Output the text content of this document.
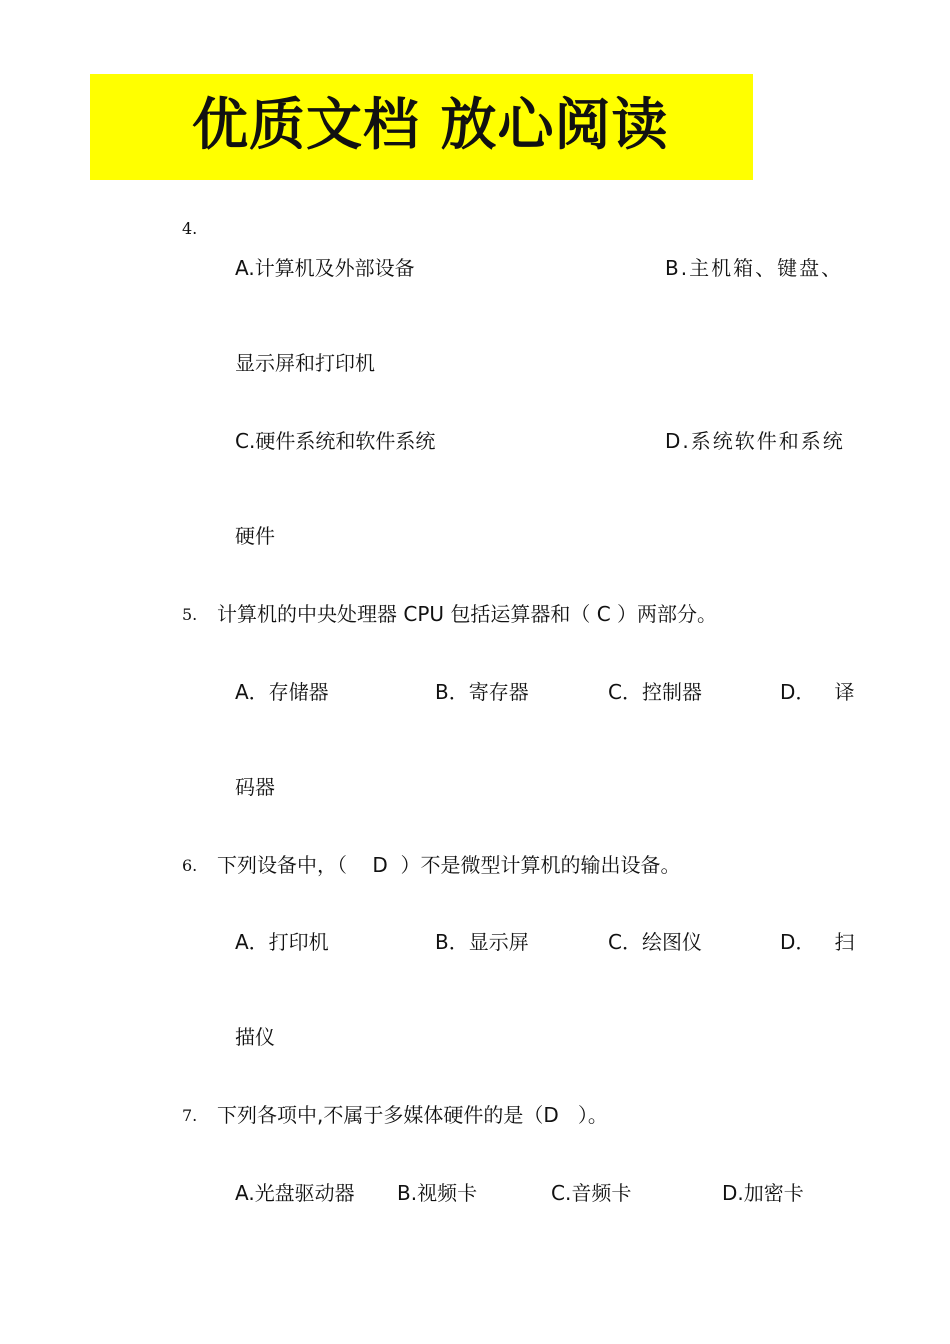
优质文档 放心阅读
4.
A.计算机及外部设备	B.主机箱、键盘、
显示屏和打印机
C.硬件系统和软件系统	D.系统软件和系统
硬件
5. 计算机的中央处理器 CPU 包括运算器和（ C ）两部分。
A．存储器	B．寄存器	C．控制器	D．   译
码器
6. 下列设备中，（    D  ）不是微型计算机的输出设备。
A．打印机	B．显示屏	C．绘图仪	D．   扫
描仪
7. 下列各项中,不属于多媒体硬件的是（D   ）。
A.光盘驱动器 B.视频卡	C.音频卡	D.加密卡
